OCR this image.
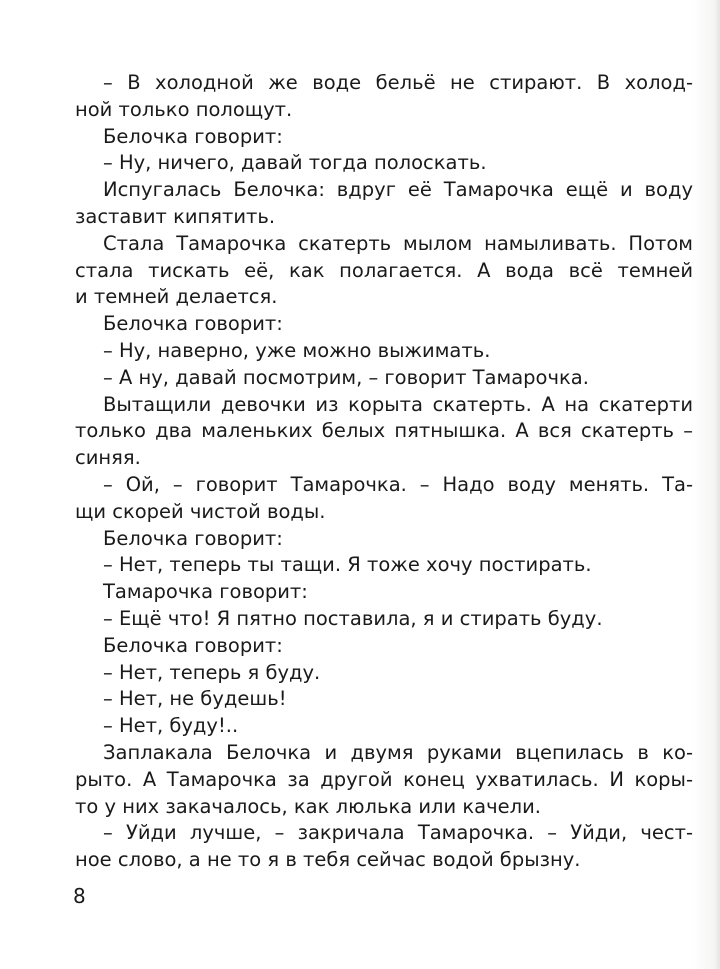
– В холодной же воде бельё не стирают. В холод-
ной только полощут.
Белочка говорит:
– Ну, ничего, давай тогда полоскать.
Испугалась Белочка: вдруг её Тамарочка ещё и воду
заставит кипятить.
Стала Тамарочка скатерть мылом намыливать. Потом
стала тискать её, как полагается. А вода всё темней
и темней делается.
Белочка говорит:
– Ну, наверно, уже можно выжимать.
– А ну, давай посмотрим, – говорит Тамарочка.
Вытащили девочки из корыта скатерть. А на скатерти
только два маленьких белых пятнышка. А вся скатерть –
синяя.
– Ой, – говорит Тамарочка. – Надо воду менять. Та-
щи скорей чистой воды.
Белочка говорит:
– Нет, теперь ты тащи. Я тоже хочу постирать.
Тамарочка говорит:
– Ещё что! Я пятно поставила, я и стирать буду.
Белочка говорит:
– Нет, теперь я буду.
– Нет, не будешь!
– Нет, буду!..
Заплакала Белочка и двумя руками вцепилась в ко-
рыто. А Тамарочка за другой конец ухватилась. И коры-
то у них закачалось, как люлька или качели.
– Уйди лучше, – закричала Тамарочка. – Уйди, чест-
ное слово, а не то я в тебя сейчас водой брызну.
8
